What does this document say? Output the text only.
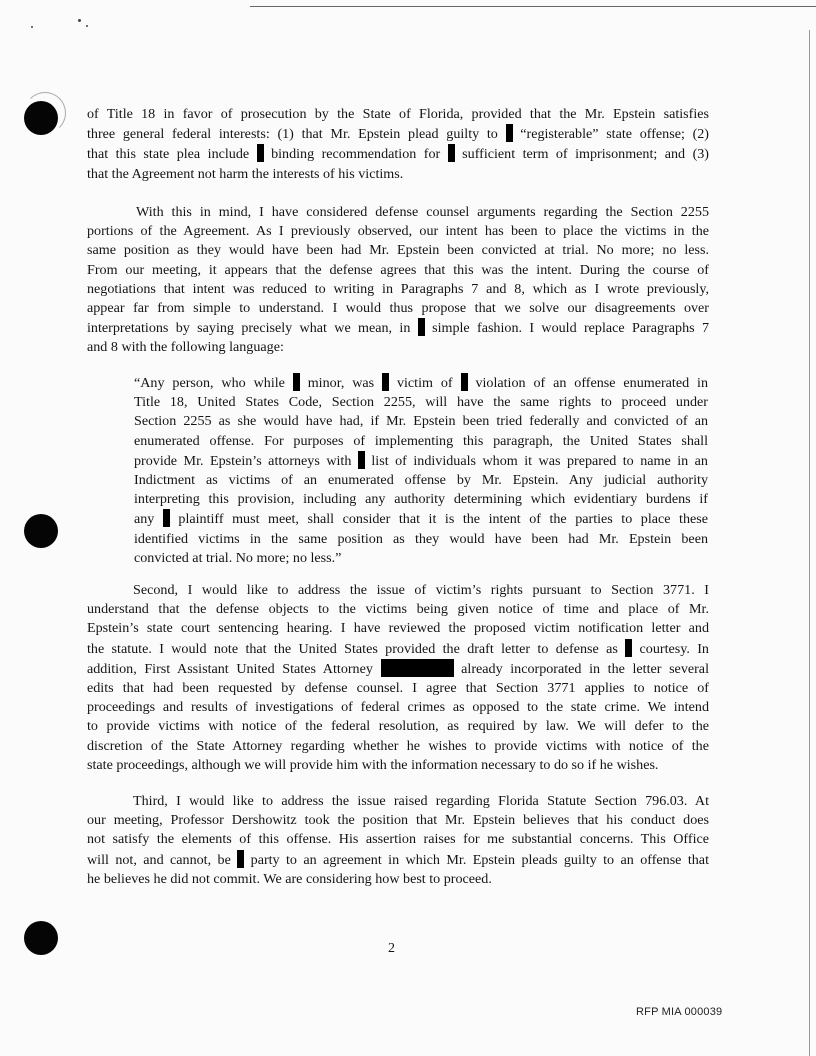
of Title 18 in favor of prosecution by the State of Florida, provided that the Mr. Epstein satisfies
three general federal interests: (1) that Mr. Epstein plead guilty to  “registerable” state offense; (2)
that this state plea include  binding recommendation for  sufficient term of imprisonment; and (3)
that the Agreement not harm the interests of his victims.
With this in mind, I have considered defense counsel arguments regarding the Section 2255
portions of the Agreement. As I previously observed, our intent has been to place the victims in the
same position as they would have been had Mr. Epstein been convicted at trial. No more; no less.
From our meeting, it appears that the defense agrees that this was the intent. During the course of
negotiations that intent was reduced to writing in Paragraphs 7 and 8, which as I wrote previously,
appear far from simple to understand. I would thus propose that we solve our disagreements over
interpretations by saying precisely what we mean, in  simple fashion. I would replace Paragraphs 7
and 8 with the following language:
“Any person, who while  minor, was  victim of  violation of an offense enumerated in
Title 18, United States Code, Section 2255, will have the same rights to proceed under
Section 2255 as she would have had, if Mr. Epstein been tried federally and convicted of an
enumerated offense. For purposes of implementing this paragraph, the United States shall
provide Mr. Epstein’s attorneys with  list of individuals whom it was prepared to name in an
Indictment as victims of an enumerated offense by Mr. Epstein. Any judicial authority
interpreting this provision, including any authority determining which evidentiary burdens if
any  plaintiff must meet, shall consider that it is the intent of the parties to place these
identified victims in the same position as they would have been had Mr. Epstein been
convicted at trial. No more; no less.”
Second, I would like to address the issue of victim’s rights pursuant to Section 3771. I
understand that the defense objects to the victims being given notice of time and place of Mr.
Epstein’s state court sentencing hearing. I have reviewed the proposed victim notification letter and
the statute. I would note that the United States provided the draft letter to defense as  courtesy. In
addition, First Assistant United States Attorney	already incorporated in the letter several
edits that had been requested by defense counsel. I agree that Section 3771 applies to notice of
proceedings and results of investigations of federal crimes as opposed to the state crime. We intend
to provide victims with notice of the federal resolution, as required by law. We will defer to the
discretion of the State Attorney regarding whether he wishes to provide victims with notice of the
state proceedings, although we will provide him with the information necessary to do so if he wishes.
Third, I would like to address the issue raised regarding Florida Statute Section 796.03. At
our meeting, Professor Dershowitz took the position that Mr. Epstein believes that his conduct does
not satisfy the elements of this offense. His assertion raises for me substantial concerns. This Office
will not, and cannot, be  party to an agreement in which Mr. Epstein pleads guilty to an offense that
he believes he did not commit. We are considering how best to proceed.
2
RFP MIA 000039
